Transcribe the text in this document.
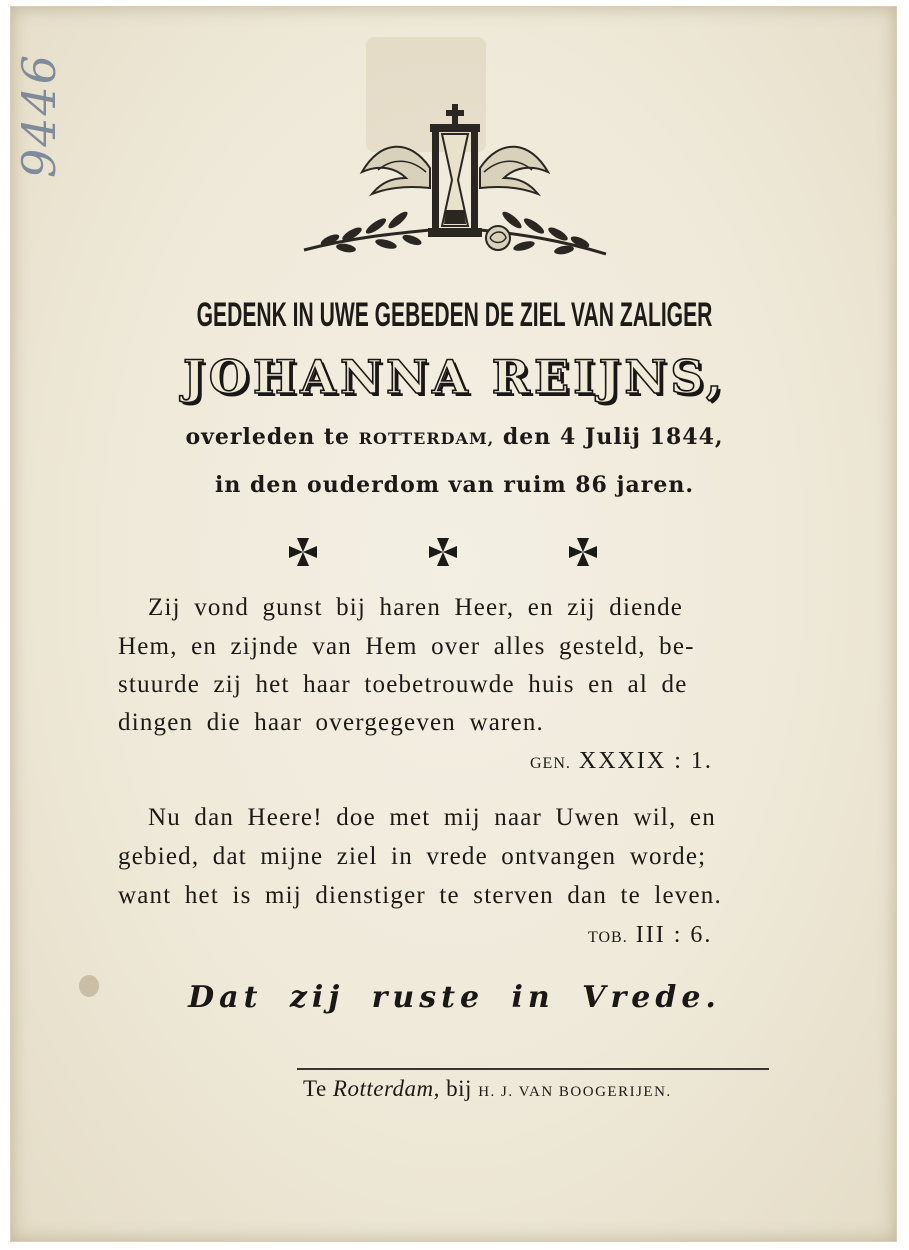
9446
GEDENK IN UWE GEBEDEN DE ZIEL VAN ZALIGER
JOHANNA REIJNS,
overleden te ROTTERDAM, den 4 Julij 1844,
in den ouderdom van ruim 86 jaren.
Zij vond gunst bij haren Heer, en zij diende
Hem, en zijnde van Hem over alles gesteld, be-
stuurde zij het haar toebetrouwde huis en al de
dingen die haar overgegeven waren.
GEN. XXXIX : 1.
Nu dan Heere! doe met mij naar Uwen wil, en
gebied, dat mijne ziel in vrede ontvangen worde;
want het is mij dienstiger te sterven dan te leven.
TOB. III : 6.
Dat zij ruste in Vrede.
Te Rotterdam, bij H. J. VAN BOOGERIJEN.
